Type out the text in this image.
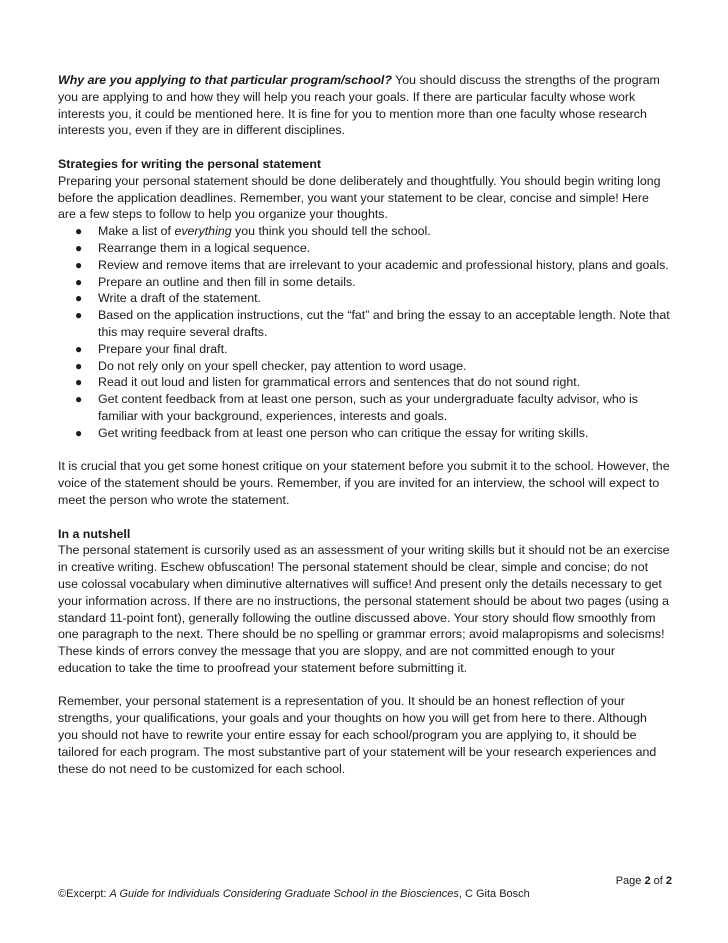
Why are you applying to that particular program/school? You should discuss the strengths of the program you are applying to and how they will help you reach your goals. If there are particular faculty whose work interests you, it could be mentioned here. It is fine for you to mention more than one faculty whose research interests you, even if they are in different disciplines.

Strategies for writing the personal statement

Preparing your personal statement should be done deliberately and thoughtfully. You should begin writing long before the application deadlines. Remember, you want your statement to be clear, concise and simple! Here are a few steps to follow to help you organize your thoughts.

● Make a list of everything you think you should tell the school.
● Rearrange them in a logical sequence.
● Review and remove items that are irrelevant to your academic and professional history, plans and goals.
● Prepare an outline and then fill in some details.
● Write a draft of the statement.
● Based on the application instructions, cut the “fat” and bring the essay to an acceptable length. Note that this may require several drafts.
● Prepare your final draft.
● Do not rely only on your spell checker, pay attention to word usage.
● Read it out loud and listen for grammatical errors and sentences that do not sound right.
● Get content feedback from at least one person, such as your undergraduate faculty advisor, who is familiar with your background, experiences, interests and goals.
● Get writing feedback from at least one person who can critique the essay for writing skills.

It is crucial that you get some honest critique on your statement before you submit it to the school. However, the voice of the statement should be yours. Remember, if you are invited for an interview, the school will expect to meet the person who wrote the statement.

In a nutshell

The personal statement is cursorily used as an assessment of your writing skills but it should not be an exercise in creative writing. Eschew obfuscation! The personal statement should be clear, simple and concise; do not use colossal vocabulary when diminutive alternatives will suffice! And present only the details necessary to get your information across. If there are no instructions, the personal statement should be about two pages (using a standard 11-point font), generally following the outline discussed above. Your story should flow smoothly from one paragraph to the next. There should be no spelling or grammar errors; avoid malapropisms and solecisms! These kinds of errors convey the message that you are sloppy, and are not committed enough to your education to take the time to proofread your statement before submitting it.

Remember, your personal statement is a representation of you. It should be an honest reflection of your strengths, your qualifications, your goals and your thoughts on how you will get from here to there. Although you should not have to rewrite your entire essay for each school/program you are applying to, it should be tailored for each program. The most substantive part of your statement will be your research experiences and these do not need to be customized for each school.

Page 2 of 2
©Excerpt: A Guide for Individuals Considering Graduate School in the Biosciences, C Gita Bosch
